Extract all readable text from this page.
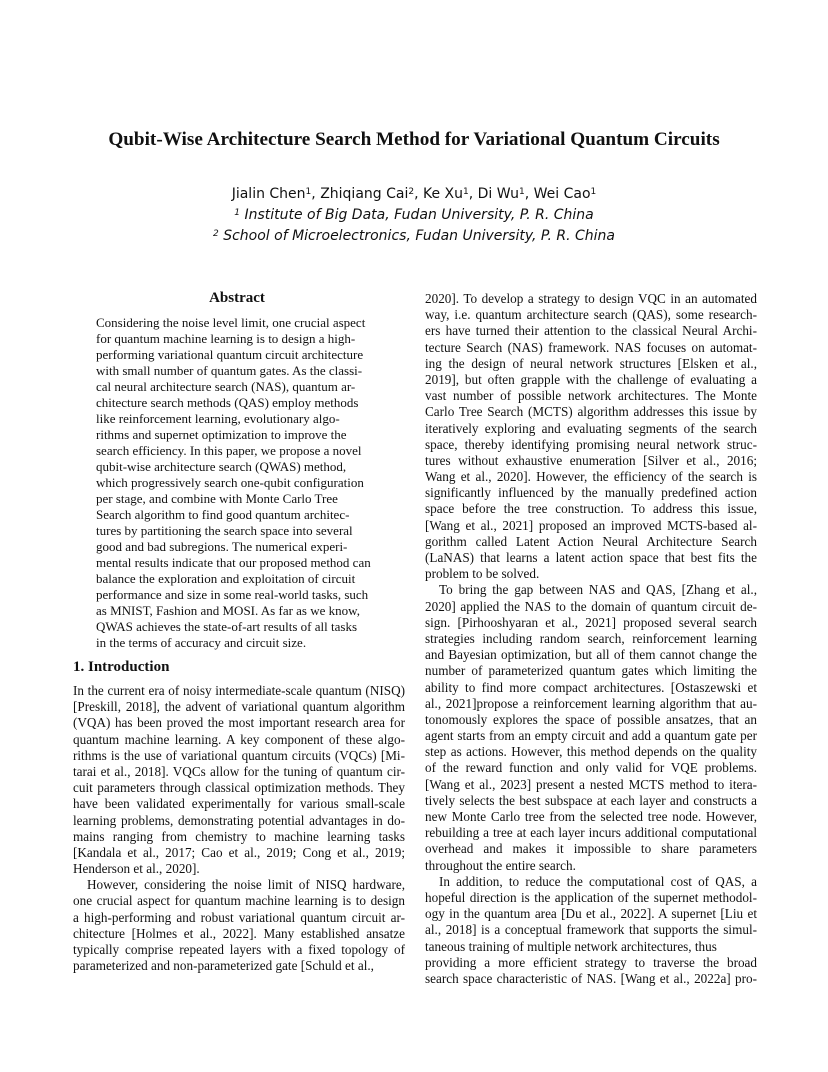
Qubit-Wise Architecture Search Method for Variational Quantum Circuits
Jialin Chen$^1$, Zhiqiang Cai$^2$, Ke Xu$^1$, Di Wu$^1$, Wei Cao$^1$
$^1$ Institute of Big Data, Fudan University, P. R. China
$^2$ School of Microelectronics, Fudan University, P. R. China
Abstract
Considering the noise level limit, one crucial aspect
for quantum machine learning is to design a high-
performing variational quantum circuit architecture
with small number of quantum gates. As the classi-
cal neural architecture search (NAS), quantum ar-
chitecture search methods (QAS) employ methods
like reinforcement learning, evolutionary algo-
rithms and supernet optimization to improve the
search efficiency. In this paper, we propose a novel
qubit-wise architecture search (QWAS) method,
which progressively search one-qubit configuration
per stage, and combine with Monte Carlo Tree
Search algorithm to find good quantum architec-
tures by partitioning the search space into several
good and bad subregions. The numerical experi-
mental results indicate that our proposed method can
balance the exploration and exploitation of circuit
performance and size in some real-world tasks, such
as MNIST, Fashion and MOSI. As far as we know,
QWAS achieves the state-of-art results of all tasks
in the terms of accuracy and circuit size.
1. Introduction
In the current era of noisy intermediate-scale quantum (NISQ)
[Preskill, 2018], the advent of variational quantum algorithm
(VQA) has been proved the most important research area for
quantum machine learning. A key component of these algo-
rithms is the use of variational quantum circuits (VQCs) [Mi-
tarai et al., 2018]. VQCs allow for the tuning of quantum cir-
cuit parameters through classical optimization methods. They
have been validated experimentally for various small-scale
learning problems, demonstrating potential advantages in do-
mains ranging from chemistry to machine learning tasks
[Kandala et al., 2017; Cao et al., 2019; Cong et al., 2019;
Henderson et al., 2020].
However, considering the noise limit of NISQ hardware,
one crucial aspect for quantum machine learning is to design
a high-performing and robust variational quantum circuit ar-
chitecture [Holmes et al., 2022]. Many established ansatze
typically comprise repeated layers with a fixed topology of
parameterized and non-parameterized gate [Schuld et al.,
2020]. To develop a strategy to design VQC in an automated
way, i.e. quantum architecture search (QAS), some research-
ers have turned their attention to the classical Neural Archi-
tecture Search (NAS) framework. NAS focuses on automat-
ing the design of neural network structures [Elsken et al.,
2019], but often grapple with the challenge of evaluating a
vast number of possible network architectures. The Monte
Carlo Tree Search (MCTS) algorithm addresses this issue by
iteratively exploring and evaluating segments of the search
space, thereby identifying promising neural network struc-
tures without exhaustive enumeration [Silver et al., 2016;
Wang et al., 2020]. However, the efficiency of the search is
significantly influenced by the manually predefined action
space before the tree construction. To address this issue,
[Wang et al., 2021] proposed an improved MCTS-based al-
gorithm called Latent Action Neural Architecture Search
(LaNAS) that learns a latent action space that best fits the
problem to be solved.
To bring the gap between NAS and QAS, [Zhang et al.,
2020] applied the NAS to the domain of quantum circuit de-
sign. [Pirhooshyaran et al., 2021] proposed several search
strategies including random search, reinforcement learning
and Bayesian optimization, but all of them cannot change the
number of parameterized quantum gates which limiting the
ability to find more compact architectures. [Ostaszewski et
al., 2021]propose a reinforcement learning algorithm that au-
tonomously explores the space of possible ansatzes, that an
agent starts from an empty circuit and add a quantum gate per
step as actions. However, this method depends on the quality
of the reward function and only valid for VQE problems.
[Wang et al., 2023] present a nested MCTS method to itera-
tively selects the best subspace at each layer and constructs a
new Monte Carlo tree from the selected tree node. However,
rebuilding a tree at each layer incurs additional computational
overhead and makes it impossible to share parameters
throughout the entire search.
In addition, to reduce the computational cost of QAS, a
hopeful direction is the application of the supernet methodol-
ogy in the quantum area [Du et al., 2022]. A supernet [Liu et
al., 2018] is a conceptual framework that supports the simul-
taneous training of multiple network architectures, thus
providing a more efficient strategy to traverse the broad
search space characteristic of NAS. [Wang et al., 2022a] pro-
